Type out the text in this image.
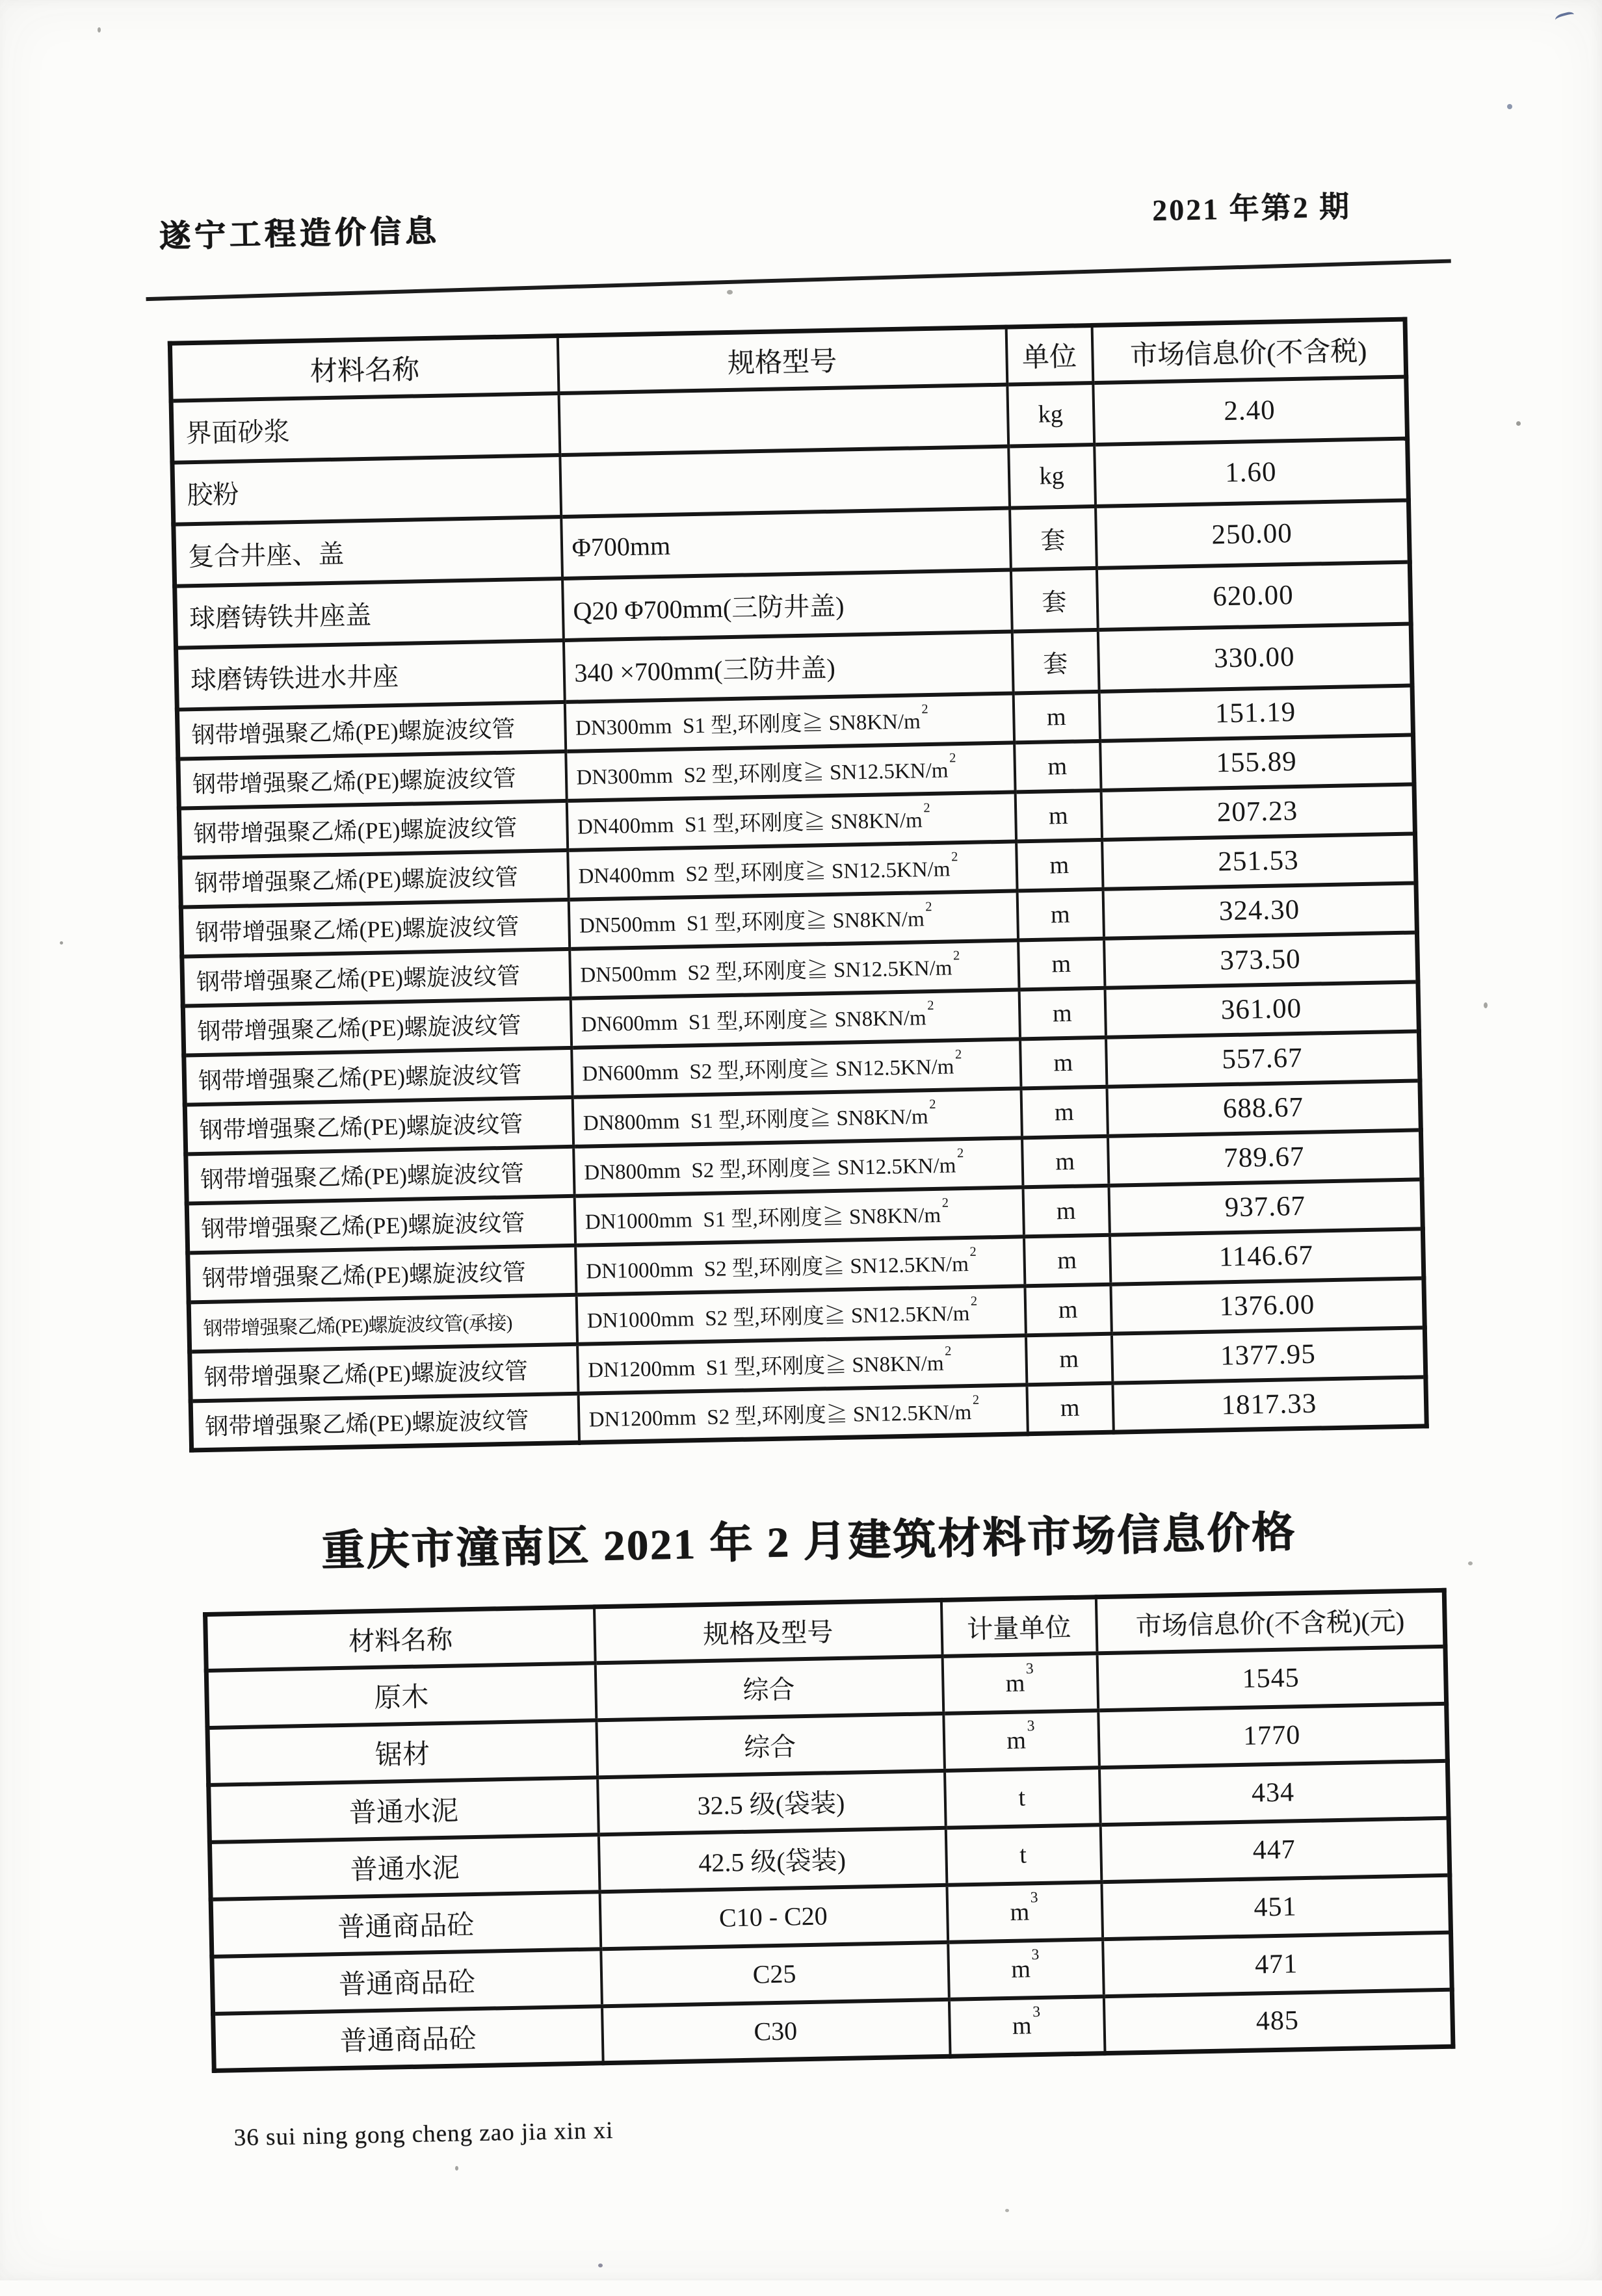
遂宁工程造价信息
2021 年第2 期
材料名称	规格型号	单位	市场信息价(不含税)
界面砂浆		kg	2.40
胶粉		kg	1.60
复合井座、盖	Φ700mm	套	250.00
球磨铸铁井座盖	Q20 Φ700mm(三防井盖)	套	620.00
球磨铸铁进水井座	340 ×700mm(三防井盖)	套	330.00
钢带增强聚乙烯(PE)螺旋波纹管	DN300mm  S1 型,环刚度≧ $SN8KN/m^2$	m	151.19
钢带增强聚乙烯(PE)螺旋波纹管	DN300mm  S2 型,环刚度≧ $SN12.5KN/m^2$	m	155.89
钢带增强聚乙烯(PE)螺旋波纹管	DN400mm  S1 型,环刚度≧ $SN8KN/m^2$	m	207.23
钢带增强聚乙烯(PE)螺旋波纹管	DN400mm  S2 型,环刚度≧ $SN12.5KN/m^2$	m	251.53
钢带增强聚乙烯(PE)螺旋波纹管	DN500mm  S1 型,环刚度≧ $SN8KN/m^2$	m	324.30
钢带增强聚乙烯(PE)螺旋波纹管	DN500mm  S2 型,环刚度≧ $SN12.5KN/m^2$	m	373.50
钢带增强聚乙烯(PE)螺旋波纹管	DN600mm  S1 型,环刚度≧ $SN8KN/m^2$	m	361.00
钢带增强聚乙烯(PE)螺旋波纹管	DN600mm  S2 型,环刚度≧ $SN12.5KN/m^2$	m	557.67
钢带增强聚乙烯(PE)螺旋波纹管	DN800mm  S1 型,环刚度≧ $SN8KN/m^2$	m	688.67
钢带增强聚乙烯(PE)螺旋波纹管	DN800mm  S2 型,环刚度≧ $SN12.5KN/m^2$	m	789.67
钢带增强聚乙烯(PE)螺旋波纹管	DN1000mm  S1 型,环刚度≧ $SN8KN/m^2$	m	937.67
钢带增强聚乙烯(PE)螺旋波纹管	DN1000mm  S2 型,环刚度≧ $SN12.5KN/m^2$	m	1146.67
钢带增强聚乙烯(PE)螺旋波纹管(承接)	DN1000mm  S2 型,环刚度≧ $SN12.5KN/m^2$	m	1376.00
钢带增强聚乙烯(PE)螺旋波纹管	DN1200mm  S1 型,环刚度≧ $SN8KN/m^2$	m	1377.95
钢带增强聚乙烯(PE)螺旋波纹管	DN1200mm  S2 型,环刚度≧ $SN12.5KN/m^2$	m	1817.33
重庆市潼南区 2021 年 2 月建筑材料市场信息价格
材料名称	规格及型号	计量单位	市场信息价(不含税)(元)
原木	综合	$m^3$	1545
锯材	综合	$m^3$	1770
普通水泥	32.5 级(袋装)	t	434
普通水泥	42.5 级(袋装)	t	447
普通商品砼	C10 - C20	$m^3$	451
普通商品砼	C25	$m^3$	471
普通商品砼	C30	$m^3$	485
36 sui ning gong cheng zao jia xin xi
